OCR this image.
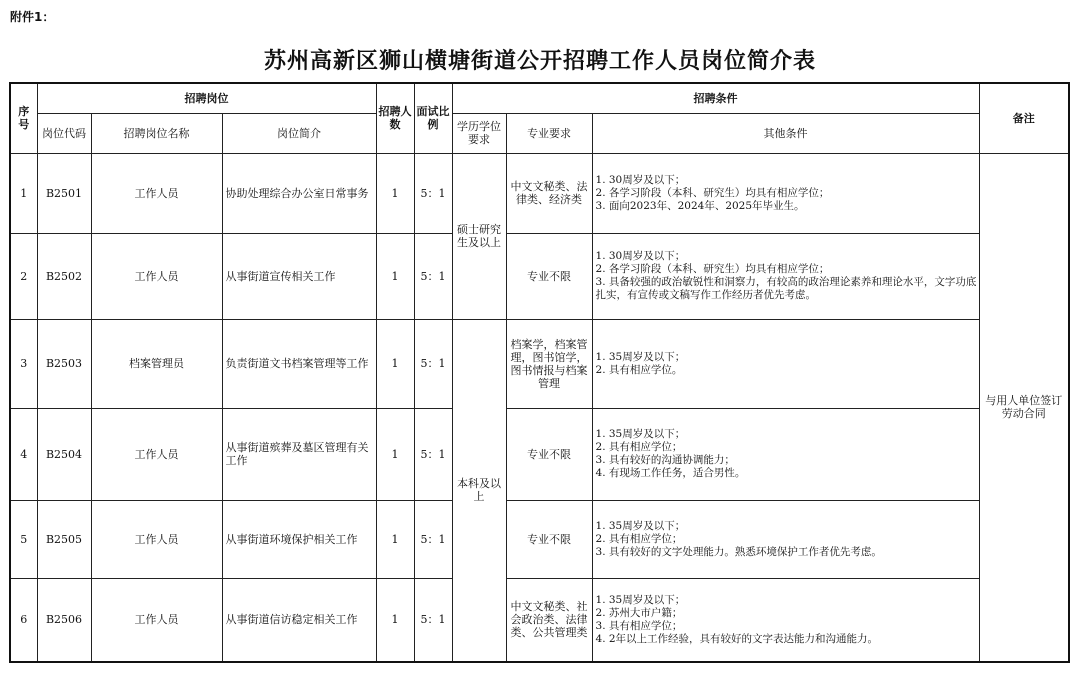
附件1：
苏州高新区狮山横塘街道公开招聘工作人员岗位简介表
序号	招聘岗位			招聘人数	面试比例	招聘条件			备注
	岗位代码	招聘岗位名称	岗位简介			学历学位要求	专业要求	其他条件	
1	B2501	工作人员	协助处理综合办公室日常事务	1	5：1	硕士研究生及以上	中文文秘类、法律类、经济类	1. 30周岁及以下；
2. 各学习阶段（本科、研究生）均具有相应学位；
3. 面向2023年、2024年、2025年毕业生。	与用人单位签订劳动合同
2	B2502	工作人员	从事街道宣传相关工作	1	5：1		专业不限	1. 30周岁及以下；
2. 各学习阶段（本科、研究生）均具有相应学位；
3. 具备较强的政治敏锐性和洞察力，有较高的政治理论素养和理论水平，文字功底扎实，有宣传或文稿写作工作经历者优先考虑。	

3	B2503	档案管理员	负责街道文书档案管理等工作	1	5：1	本科及以上	档案学，档案管理，图书馆学，图书情报与档案管理	1. 35周岁及以下；
2. 具有相应学位。	

4	B2504	工作人员	从事街道殡葬及墓区管理有关工作	1	5：1		专业不限	1. 35周岁及以下；
2. 具有相应学位；
3. 具有较好的沟通协调能力；
4. 有现场工作任务，适合男性。	

5	B2505	工作人员	从事街道环境保护相关工作	1	5：1		专业不限	1. 35周岁及以下；
2. 具有相应学位；
3. 具有较好的文字处理能力。熟悉环境保护工作者优先考虑。	

6	B2506	工作人员	从事街道信访稳定相关工作	1	5：1		中文文秘类、社会政治类、法律类、公共管理类	1. 35周岁及以下；
2. 苏州大市户籍；
3. 具有相应学位；
4. 2年以上工作经验，具有较好的文字表达能力和沟通能力。	
